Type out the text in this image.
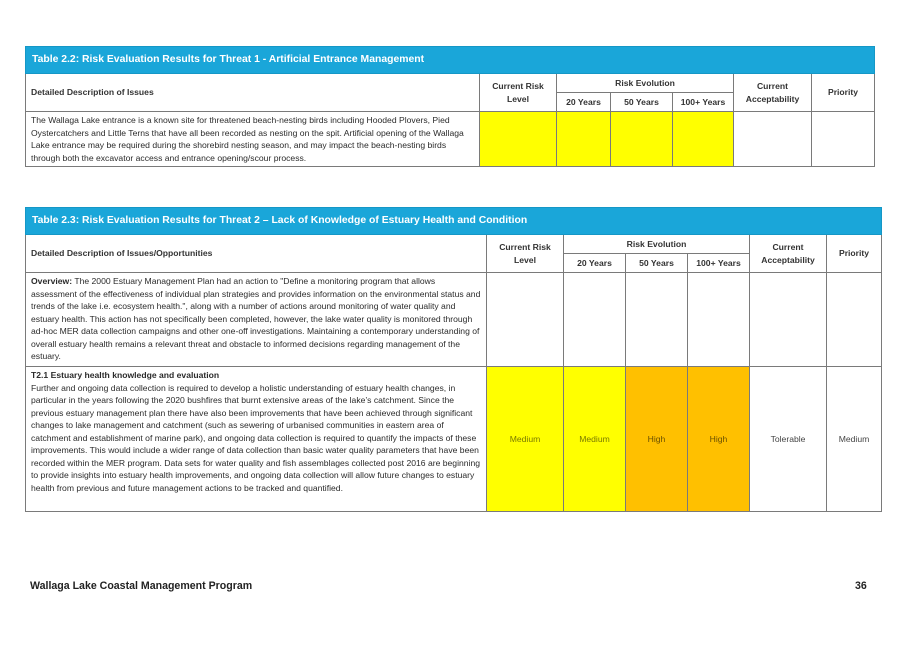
Table 2.2: Risk Evaluation Results for Threat 1 - Artificial Entrance Management						
Detailed Description of Issues	Current Risk Level	Risk Evolution			Current Acceptability	Priority
		20 Years	50 Years	100+ Years		
The Wallaga Lake entrance is a known site for threatened beach-nesting birds including Hooded Plovers, Pied Oystercatchers and Little Terns that have all been recorded as nesting on the spit. Artificial opening of the Wallaga Lake entrance may be required during the shorebird nesting season, and may impact the beach-nesting birds through both the excavator access and entrance opening/scour process.						
Table 2.3: Risk Evaluation Results for Threat 2 – Lack of Knowledge of Estuary Health and Condition						
Detailed Description of Issues/Opportunities	Current Risk Level	Risk Evolution			Current Acceptability	Priority
		20 Years	50 Years	100+ Years		
Overview: The 2000 Estuary Management Plan had an action to "Define a monitoring program that allows assessment of the effectiveness of individual plan strategies and provides information on the environmental status and trends of the lake i.e. ecosystem health.", along with a number of actions around monitoring of water quality and estuary health. This action has not specifically been completed, however, the lake water quality is monitored through ad-hoc MER data collection campaigns and other one-off investigations. Maintaining a contemporary understanding of overall estuary health remains a relevant threat and obstacle to informed decisions regarding management of the estuary.						
T2.1 Estuary health knowledge and evaluation
Further and ongoing data collection is required to develop a holistic understanding of estuary health changes, in particular in the years following the 2020 bushfires that burnt extensive areas of the lake’s catchment. Since the previous estuary management plan there have also been improvements that have been achieved through significant changes to lake management and catchment (such as sewering of urbanised communities in eastern area of catchment and establishment of marine park), and ongoing data collection is required to quantify the impacts of these improvements. This would include a wider range of data collection than basic water quality parameters that have been recorded within the MER program. Data sets for water quality and fish assemblages collected post 2016 are beginning to provide insights into estuary health improvements, and ongoing data collection will allow future changes to estuary health from previous and future management actions to be tracked and quantified.	Medium	Medium	High	High	Tolerable	Medium
Wallaga Lake Coastal Management Program	36
